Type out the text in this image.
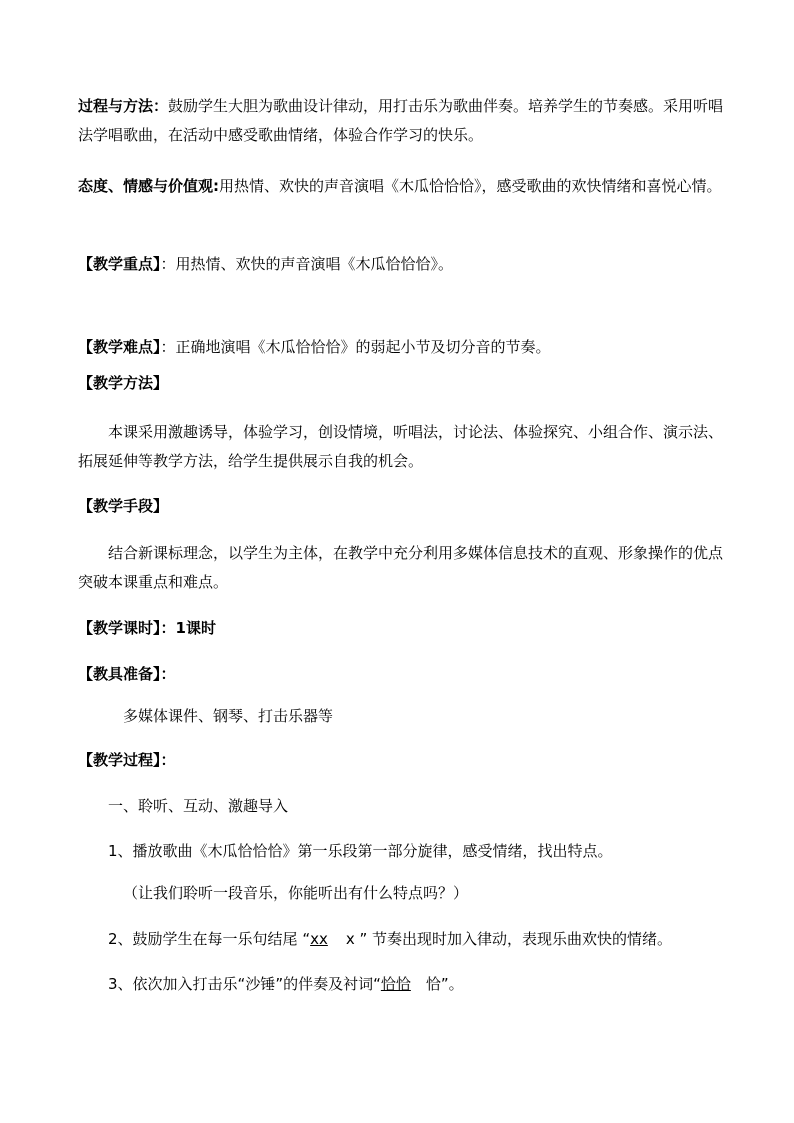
过程与方法：鼓励学生大胆为歌曲设计律动，用打击乐为歌曲伴奏。培养学生的节奏感。采用听唱法学唱歌曲，在活动中感受歌曲情绪，体验合作学习的快乐。

态度、情感与价值观:用热情、欢快的声音演唱《木瓜恰恰恰》，感受歌曲的欢快情绪和喜悦心情。

【教学重点】：用热情、欢快的声音演唱《木瓜恰恰恰》。

【教学难点】：正确地演唱《木瓜恰恰恰》的弱起小节及切分音的节奏。

【教学方法】

本课采用激趣诱导，体验学习，创设情境，听唱法，讨论法、体验探究、小组合作、演示法、拓展延伸等教学方法，给学生提供展示自我的机会。

【教学手段】

结合新课标理念，以学生为主体，在教学中充分利用多媒体信息技术的直观、形象操作的优点突破本课重点和难点。

【教学课时】：1课时

【教具准备】：

多媒体课件、钢琴、打击乐器等

【教学过程】：

一、聆听、互动、激趣导入

1、播放歌曲《木瓜恰恰恰》第一乐段第一部分旋律，感受情绪，找出特点。

（让我们聆听一段音乐，你能听出有什么特点吗？）

2、鼓励学生在每一乐句结尾 “xx x ” 节奏出现时加入律动，表现乐曲欢快的情绪。

3、依次加入打击乐“沙锤”的伴奏及衬词“恰恰 恰”。
